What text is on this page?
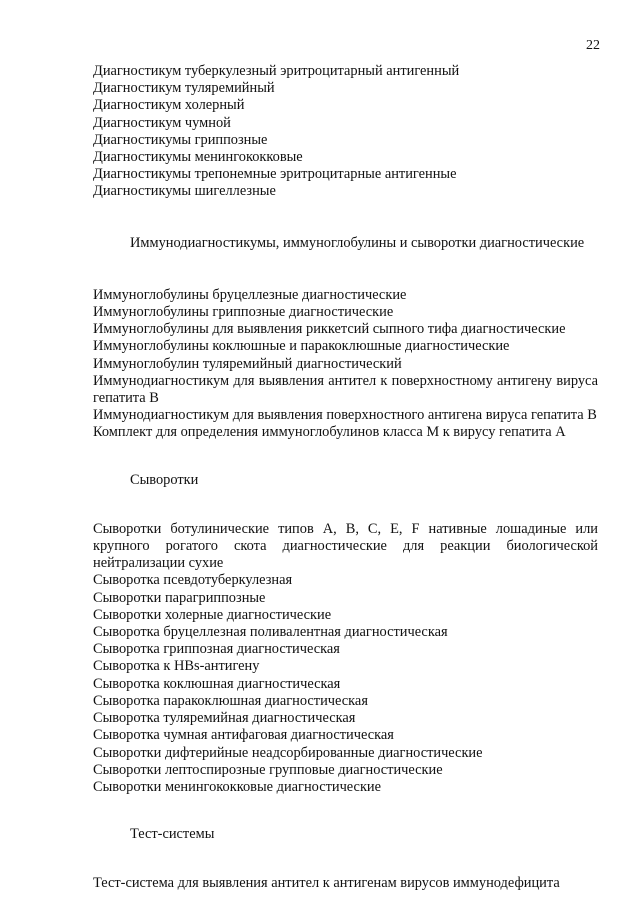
22
Диагностикум туберкулезный эритроцитарный антигенный
Диагностикум туляремийный
Диагностикум холерный
Диагностикум чумной
Диагностикумы гриппозные
Диагностикумы менингококковые
Диагностикумы трепонемные эритроцитарные антигенные
Диагностикумы шигеллезные
Иммунодиагностикумы, иммуноглобулины и сыворотки диагностические
Иммуноглобулины бруцеллезные диагностические
Иммуноглобулины гриппозные диагностические
Иммуноглобулины для выявления риккетсий сыпного тифа диагностические
Иммуноглобулины коклюшные и паракоклюшные диагностические
Иммуноглобулин туляремийный диагностический
Иммунодиагностикум для выявления антител к поверхностному антигену вируса гепатита В
Иммунодиагностикум для выявления поверхностного антигена вируса гепатита В
Комплект для определения иммуноглобулинов класса М к вирусу гепатита А
Сыворотки
Сыворотки ботулинические типов А, В, С, Е, F нативные лошадиные или крупного рогатого скота диагностические для реакции биологической нейтрализации сухие
Сыворотка псевдотуберкулезная
Сыворотки парагриппозные
Сыворотки холерные диагностические
Сыворотка бруцеллезная поливалентная диагностическая
Сыворотка гриппозная диагностическая
Сыворотка к HBs-антигену
Сыворотка коклюшная диагностическая
Сыворотка паракоклюшная диагностическая
Сыворотка туляремийная диагностическая
Сыворотка чумная антифаговая диагностическая
Сыворотки дифтерийные неадсорбированные диагностические
Сыворотки лептоспирозные групповые диагностические
Сыворотки менингококковые диагностические
Тест-системы
Тест-система для выявления антител к антигенам вирусов иммунодефицита
